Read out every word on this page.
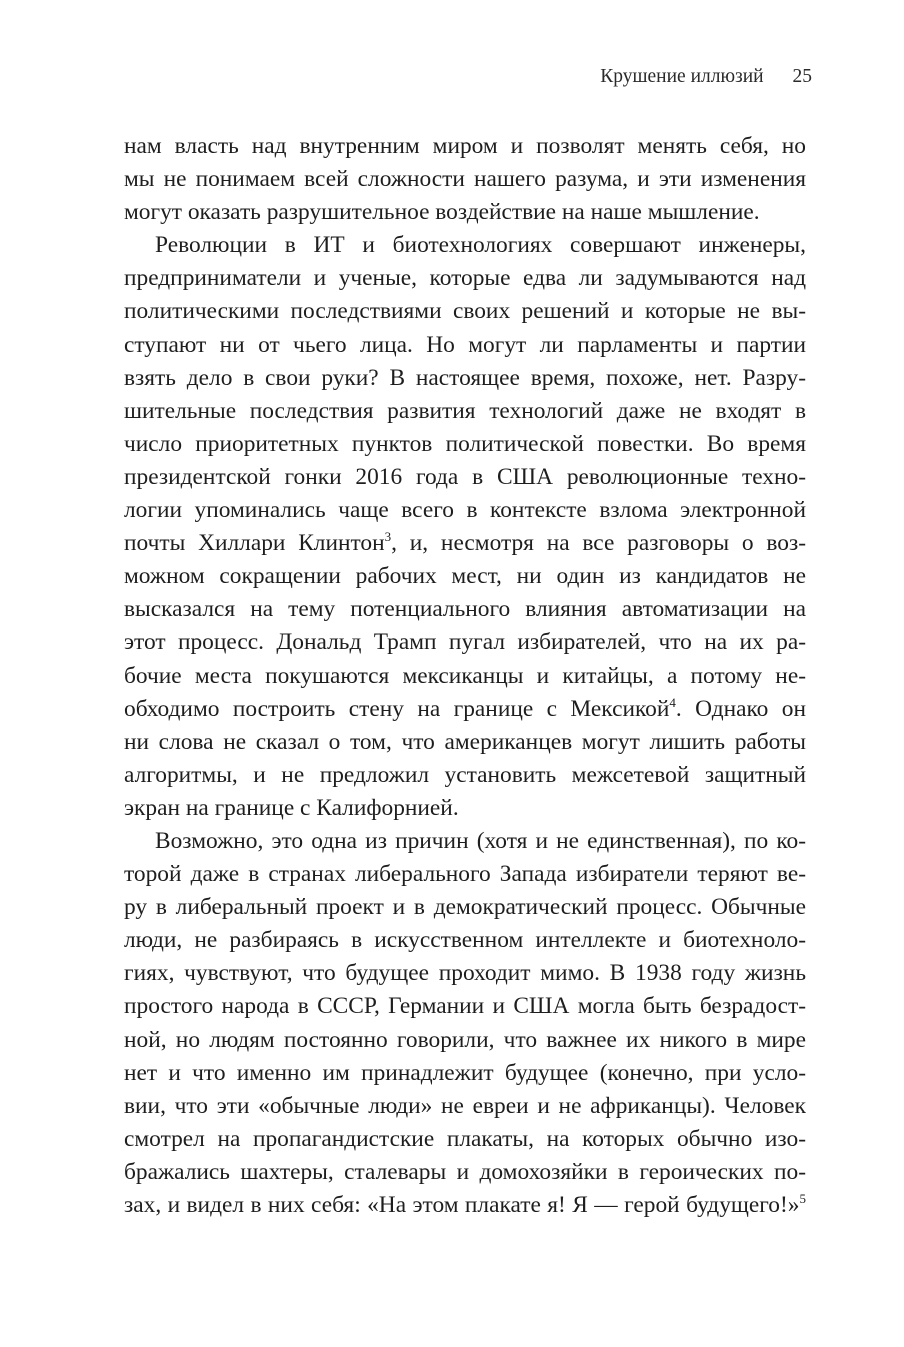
Крушение иллюзий 25
нам власть над внутренним миром и позволят менять себя, но
мы не понимаем всей сложности нашего разума, и эти изменения
могут оказать разрушительное воздействие на наше мышление.
Революции в ИТ и биотехнологиях совершают инженеры,
предприниматели и ученые, которые едва ли задумываются над
политическими последствиями своих решений и которые не вы-
ступают ни от чьего лица. Но могут ли парламенты и партии
взять дело в свои руки? В настоящее время, похоже, нет. Разру-
шительные последствия развития технологий даже не входят в
число приоритетных пунктов политической повестки. Во время
президентской гонки 2016 года в США революционные техно-
логии упоминались чаще всего в контексте взлома электронной
почты Хиллари Клинтон$^3$, и, несмотря на все разговоры о воз-
можном сокращении рабочих мест, ни один из кандидатов не
высказался на тему потенциального влияния автоматизации на
этот процесс. Дональд Трамп пугал избирателей, что на их ра-
бочие места покушаются мексиканцы и китайцы, а потому не-
обходимо построить стену на границе с Мексикой$^4$. Однако он
ни слова не сказал о том, что американцев могут лишить работы
алгоритмы, и не предложил установить межсетевой защитный
экран на границе с Калифорнией.
Возможно, это одна из причин (хотя и не единственная), по ко-
торой даже в странах либерального Запада избиратели теряют ве-
ру в либеральный проект и в демократический процесс. Обычные
люди, не разбираясь в искусственном интеллекте и биотехноло-
гиях, чувствуют, что будущее проходит мимо. В 1938 году жизнь
простого народа в СССР, Германии и США могла быть безрадост-
ной, но людям постоянно говорили, что важнее их никого в мире
нет и что именно им принадлежит будущее (конечно, при усло-
вии, что эти «обычные люди» не евреи и не африканцы). Человек
смотрел на пропагандистские плакаты, на которых обычно изо-
бражались шахтеры, сталевары и домохозяйки в героических по-
зах, и видел в них себя: «На этом плакате я! Я — герой будущего!»$^5$
